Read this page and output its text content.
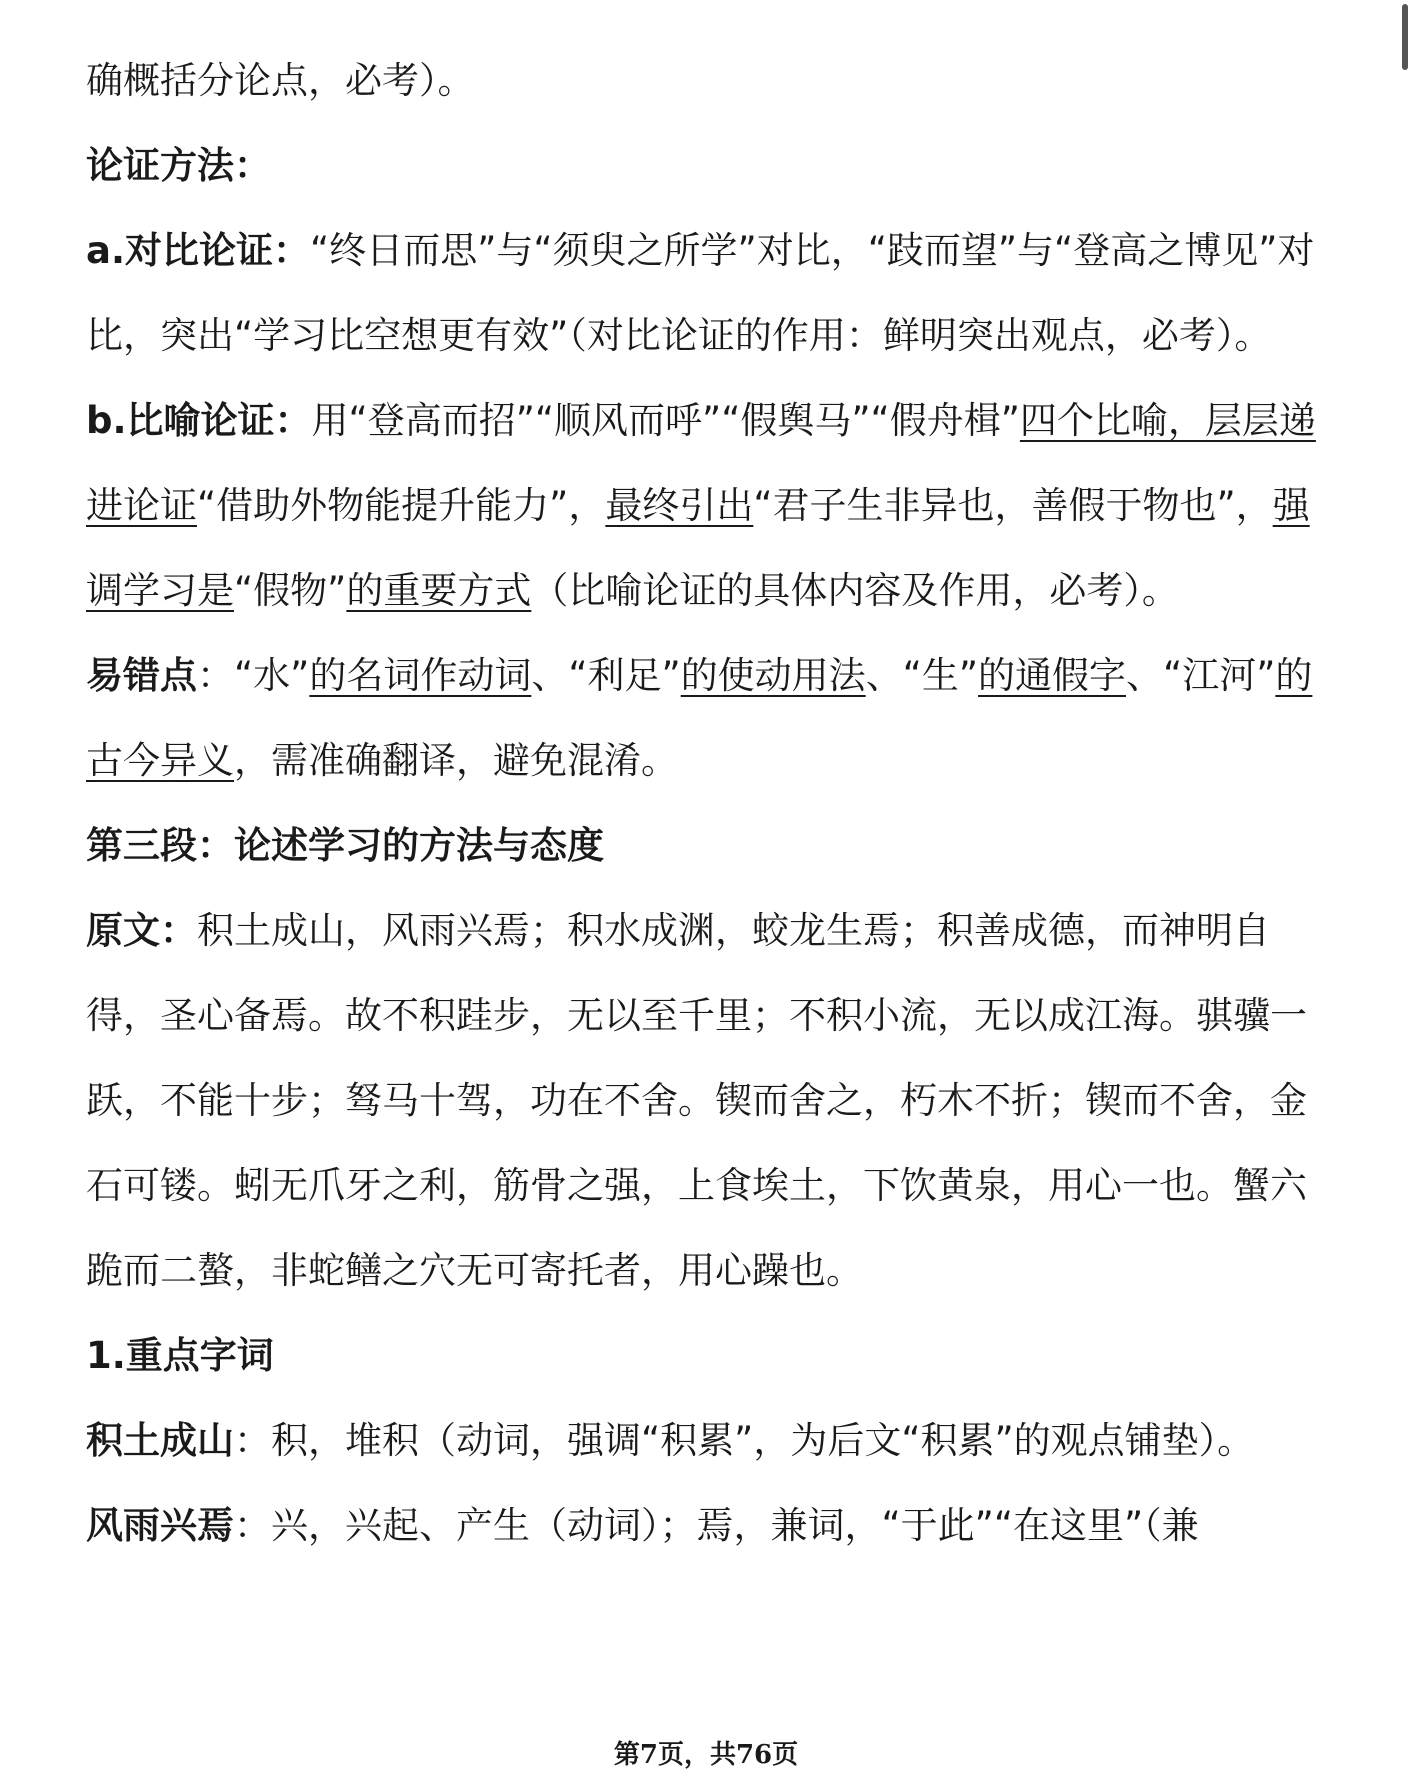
确概括分论点，必考）。

论证方法：

a.对比论证：“终日而思”与“须臾之所学”对比，“跂而望”与“登高之博见”对比，突出“学习比空想更有效”（对比论证的作用：鲜明突出观点，必考）。

b.比喻论证：用“登高而招”“顺风而呼”“假舆马”“假舟楫”四个比喻，层层递进论证“借助外物能提升能力”，最终引出“君子生非异也，善假于物也”，强调学习是“假物”的重要方式（比喻论证的具体内容及作用，必考）。

易错点：“水”的名词作动词、“利足”的使动用法、“生”的通假字、“江河”的古今异义，需准确翻译，避免混淆。

第三段：论述学习的方法与态度

原文：积土成山，风雨兴焉；积水成渊，蛟龙生焉；积善成德，而神明自得，圣心备焉。故不积跬步，无以至千里；不积小流，无以成江海。骐骥一跃，不能十步；驽马十驾，功在不舍。锲而舍之，朽木不折；锲而不舍，金石可镂。蚓无爪牙之利，筋骨之强，上食埃土，下饮黄泉，用心一也。蟹六跪而二螯，非蛇鳝之穴无可寄托者，用心躁也。

1.重点字词

积土成山：积，堆积（动词，强调“积累”，为后文“积累”的观点铺垫）。

风雨兴焉：兴，兴起、产生（动词）；焉，兼词，“于此”“在这里”（兼

第7页，共76页
